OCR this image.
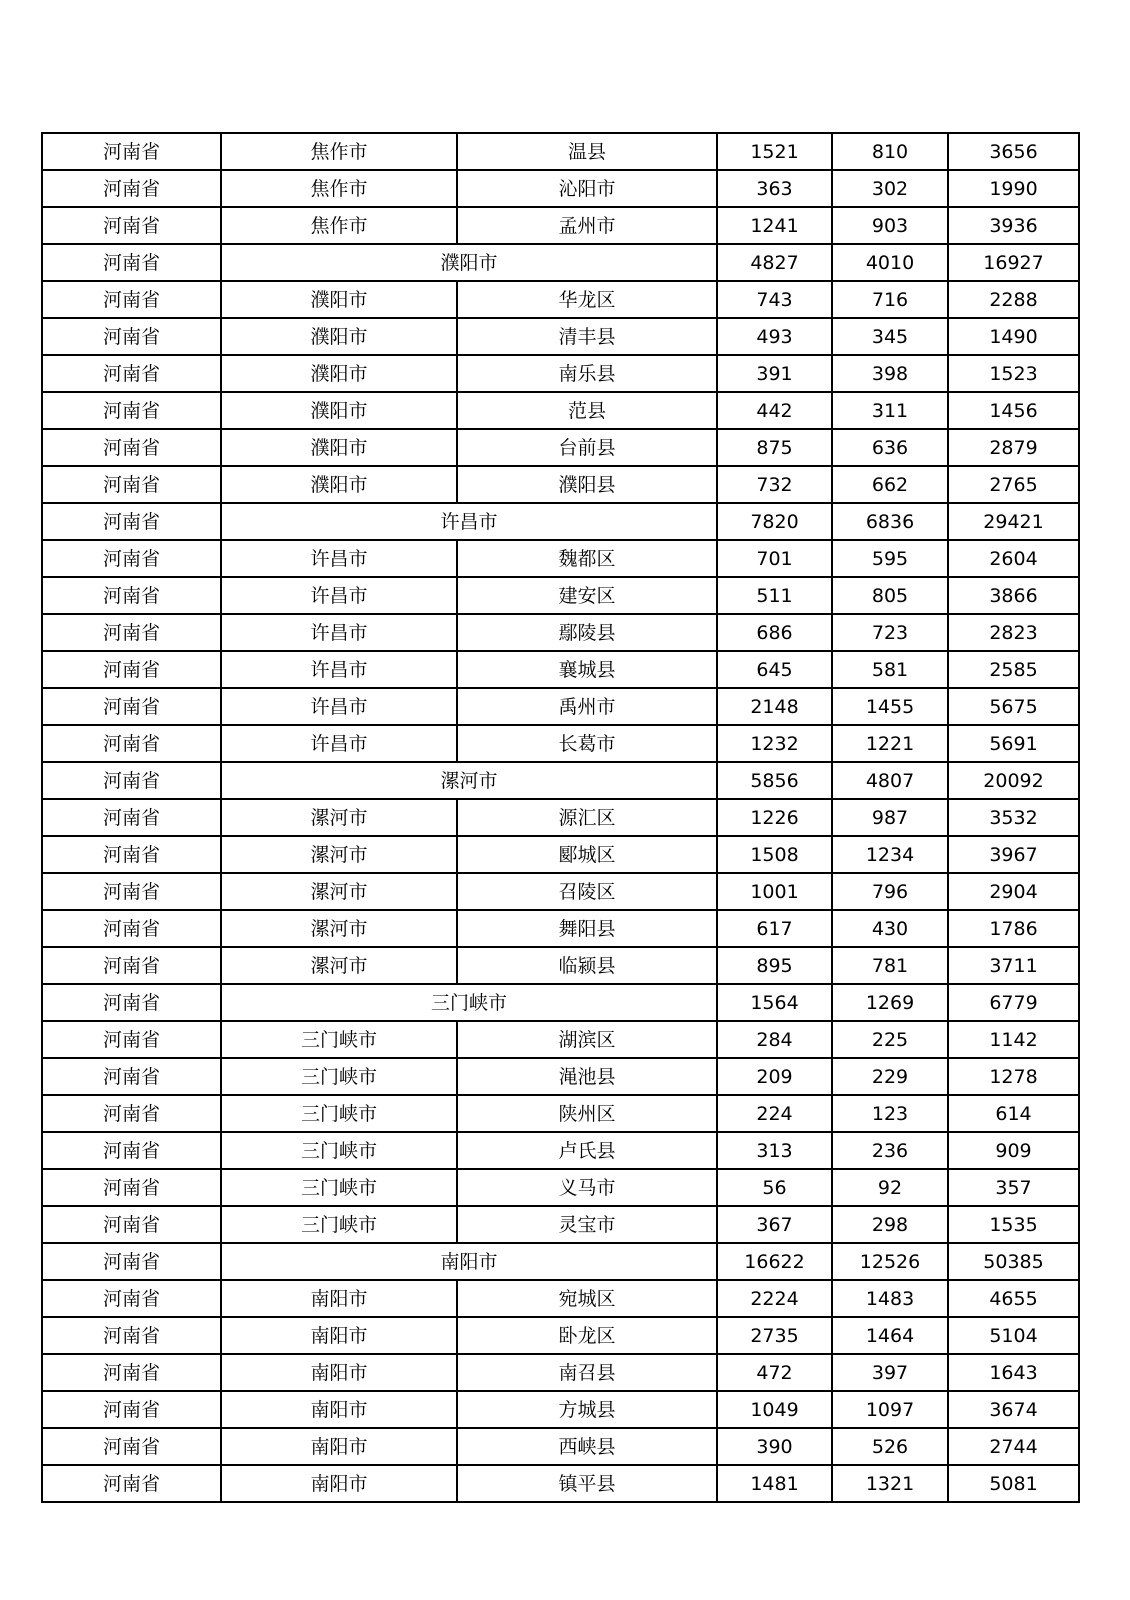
河南省	焦作市	温县	1521	810	3656
河南省	焦作市	沁阳市	363	302	1990
河南省	焦作市	孟州市	1241	903	3936
河南省	濮阳市		4827	4010	16927
河南省	濮阳市	华龙区	743	716	2288
河南省	濮阳市	清丰县	493	345	1490
河南省	濮阳市	南乐县	391	398	1523
河南省	濮阳市	范县	442	311	1456
河南省	濮阳市	台前县	875	636	2879
河南省	濮阳市	濮阳县	732	662	2765
河南省	许昌市		7820	6836	29421
河南省	许昌市	魏都区	701	595	2604
河南省	许昌市	建安区	511	805	3866
河南省	许昌市	鄢陵县	686	723	2823
河南省	许昌市	襄城县	645	581	2585
河南省	许昌市	禹州市	2148	1455	5675
河南省	许昌市	长葛市	1232	1221	5691
河南省	漯河市		5856	4807	20092
河南省	漯河市	源汇区	1226	987	3532
河南省	漯河市	郾城区	1508	1234	3967
河南省	漯河市	召陵区	1001	796	2904
河南省	漯河市	舞阳县	617	430	1786
河南省	漯河市	临颍县	895	781	3711
河南省	三门峡市		1564	1269	6779
河南省	三门峡市	湖滨区	284	225	1142
河南省	三门峡市	渑池县	209	229	1278
河南省	三门峡市	陕州区	224	123	614
河南省	三门峡市	卢氏县	313	236	909
河南省	三门峡市	义马市	56	92	357
河南省	三门峡市	灵宝市	367	298	1535
河南省	南阳市		16622	12526	50385
河南省	南阳市	宛城区	2224	1483	4655
河南省	南阳市	卧龙区	2735	1464	5104
河南省	南阳市	南召县	472	397	1643
河南省	南阳市	方城县	1049	1097	3674
河南省	南阳市	西峡县	390	526	2744
河南省	南阳市	镇平县	1481	1321	5081
